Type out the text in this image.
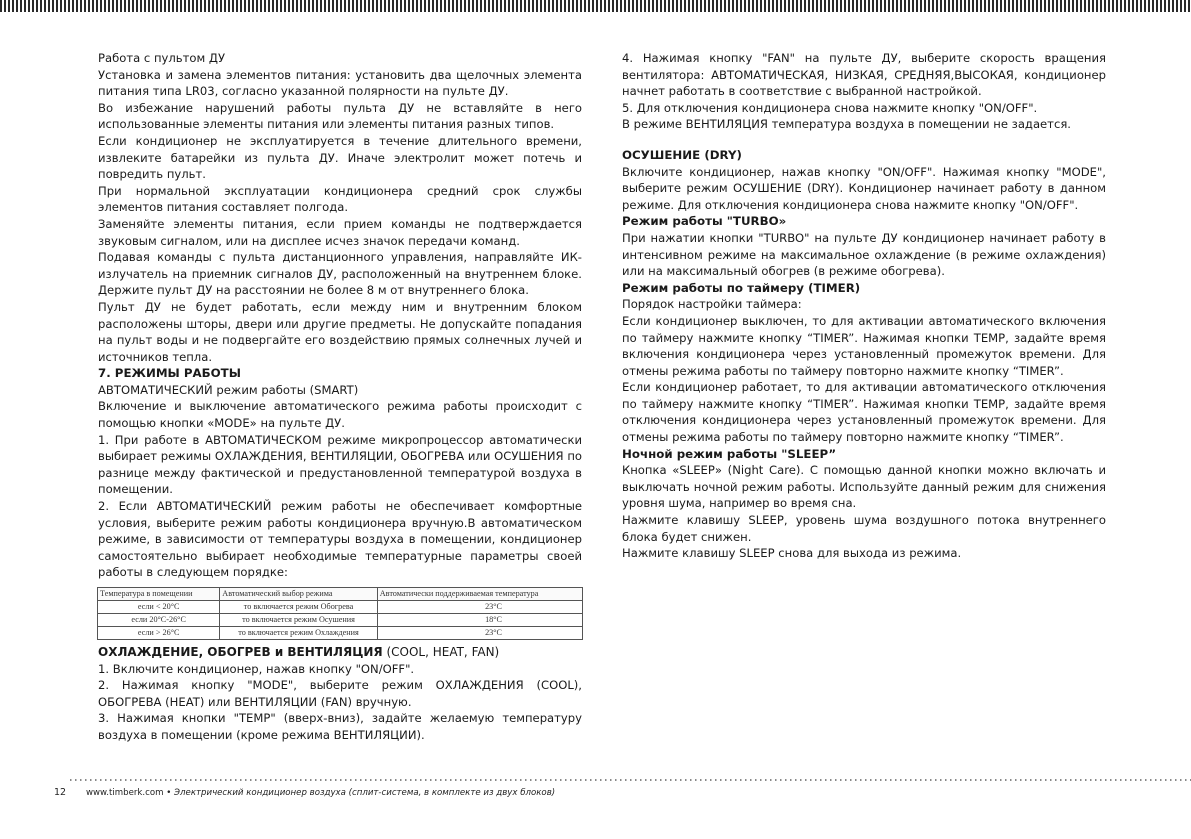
Работа с пультом ДУ

Установка и замена элементов питания: установить два щелочных элемента питания типа LR03, согласно указанной полярности на пульте ДУ.

Во избежание нарушений работы пульта ДУ не вставляйте в него использованные элементы питания или элементы питания разных типов.

Если кондиционер не эксплуатируется в течение длительного времени, извлеките батарейки из пульта ДУ. Иначе электролит может потечь и повредить пульт.

При нормальной эксплуатации кондиционера средний срок службы элементов питания составляет полгода.

Заменяйте элементы питания, если прием команды не подтверждается звуковым сигналом, или на дисплее исчез значок передачи команд.

Подавая команды с пульта дистанционного управления, направляйте ИК-излучатель на приемник сигналов ДУ, расположенный на внутреннем блоке. Держите пульт ДУ на расстоянии не более 8 м от внутреннего блока.

Пульт ДУ не будет работать, если между ним и внутренним блоком расположены шторы, двери или другие предметы. Не допускайте попадания на пульт воды и не подвергайте его воздействию прямых солнечных лучей и источников тепла.

7. РЕЖИМЫ РАБОТЫ

АВТОМАТИЧЕСКИЙ режим работы (SMART)

Включение и выключение автоматического режима работы происходит с помощью кнопки «MODE» на пульте ДУ.

1. При работе в АВТОМАТИЧЕСКОМ режиме микропроцессор автоматически выбирает режимы ОХЛАЖДЕНИЯ, ВЕНТИЛЯЦИИ, ОБОГРЕВА или ОСУШЕНИЯ по разнице между фактической и предустановленной температурой воздуха в помещении.

2. Если АВТОМАТИЧЕСКИЙ режим работы не обеспечивает комфортные условия, выберите режим работы кондиционера вручную.В автоматическом режиме, в зависимости от температуры воздуха в помещении, кондиционер самостоятельно выбирает необходимые температурные параметры своей работы в следующем порядке:

Температура в помещении	Автоматический выбор режима	Автоматически поддерживаемая температура
если < 20°C	то включается режим Обогрева	23°C
если 20°C-26°C	то включается режим Осушения	18°C
если > 26°C	то включается режим Охлаждения	23°C

ОХЛАЖДЕНИЕ, ОБОГРЕВ и ВЕНТИЛЯЦИЯ (COOL, HEAT, FAN)

1. Включите кондиционер, нажав кнопку "ON/OFF".

2. Нажимая кнопку "MODE", выберите режим ОХЛАЖДЕНИЯ (COOL), ОБОГРЕВА (HEAT) или ВЕНТИЛЯЦИИ (FAN) вручную.

3. Нажимая кнопки "TEMP" (вверх-вниз), задайте желаемую температуру воздуха в помещении (кроме режима ВЕНТИЛЯЦИИ).

4. Нажимая кнопку "FAN" на пульте ДУ, выберите скорость вращения вентилятора: АВТОМАТИЧЕСКАЯ, НИЗКАЯ, СРЕДНЯЯ,ВЫСОКАЯ, кондиционер начнет работать в соответствие с выбранной настройкой.

5. Для отключения кондиционера снова нажмите кнопку "ON/OFF".

В режиме ВЕНТИЛЯЦИЯ температура воздуха в помещении не задается.

ОСУШЕНИЕ (DRY)

Включите кондиционер, нажав кнопку "ON/OFF". Нажимая кнопку "MODE", выберите режим ОСУШЕНИЕ (DRY). Кондиционер начинает работу в данном режиме. Для отключения кондиционера снова нажмите кнопку "ON/OFF".

Режим работы "TURBO»

При нажатии кнопки "TURBO" на пульте ДУ кондиционер начинает работу в интенсивном режиме на максимальное охлаждение (в режиме охлаждения) или на максимальный обогрев (в режиме обогрева).

Режим работы по таймеру (TIMER)

Порядок настройки таймера:

Если кондиционер выключен, то для активации автоматического включения по таймеру нажмите кнопку “TIMER”. Нажимая кнопки TEMP, задайте время включения кондиционера через установленный промежуток времени. Для отмены режима работы по таймеру повторно нажмите кнопку “TIMER”.

Если кондиционер работает, то для активации автоматического отключения по таймеру нажмите кнопку “TIMER”. Нажимая кнопки TEMP, задайте время отключения кондиционера через установленный промежуток времени. Для отмены режима работы по таймеру повторно нажмите кнопку “TIMER”.

Ночной режим работы "SLEEP”

Кнопка «SLEEP» (Night Care). С помощью данной кнопки можно включать и выключать ночной режим работы. Используйте данный режим для снижения уровня шума, например во время сна.

Нажмите клавишу SLEEP, уровень шума воздушного потока внутреннего блока будет снижен.

Нажмите клавишу SLEEP снова для выхода из режима.

12 www.timberk.com • Электрический кондиционер воздуха (сплит-система, в комплекте из двух блоков)
